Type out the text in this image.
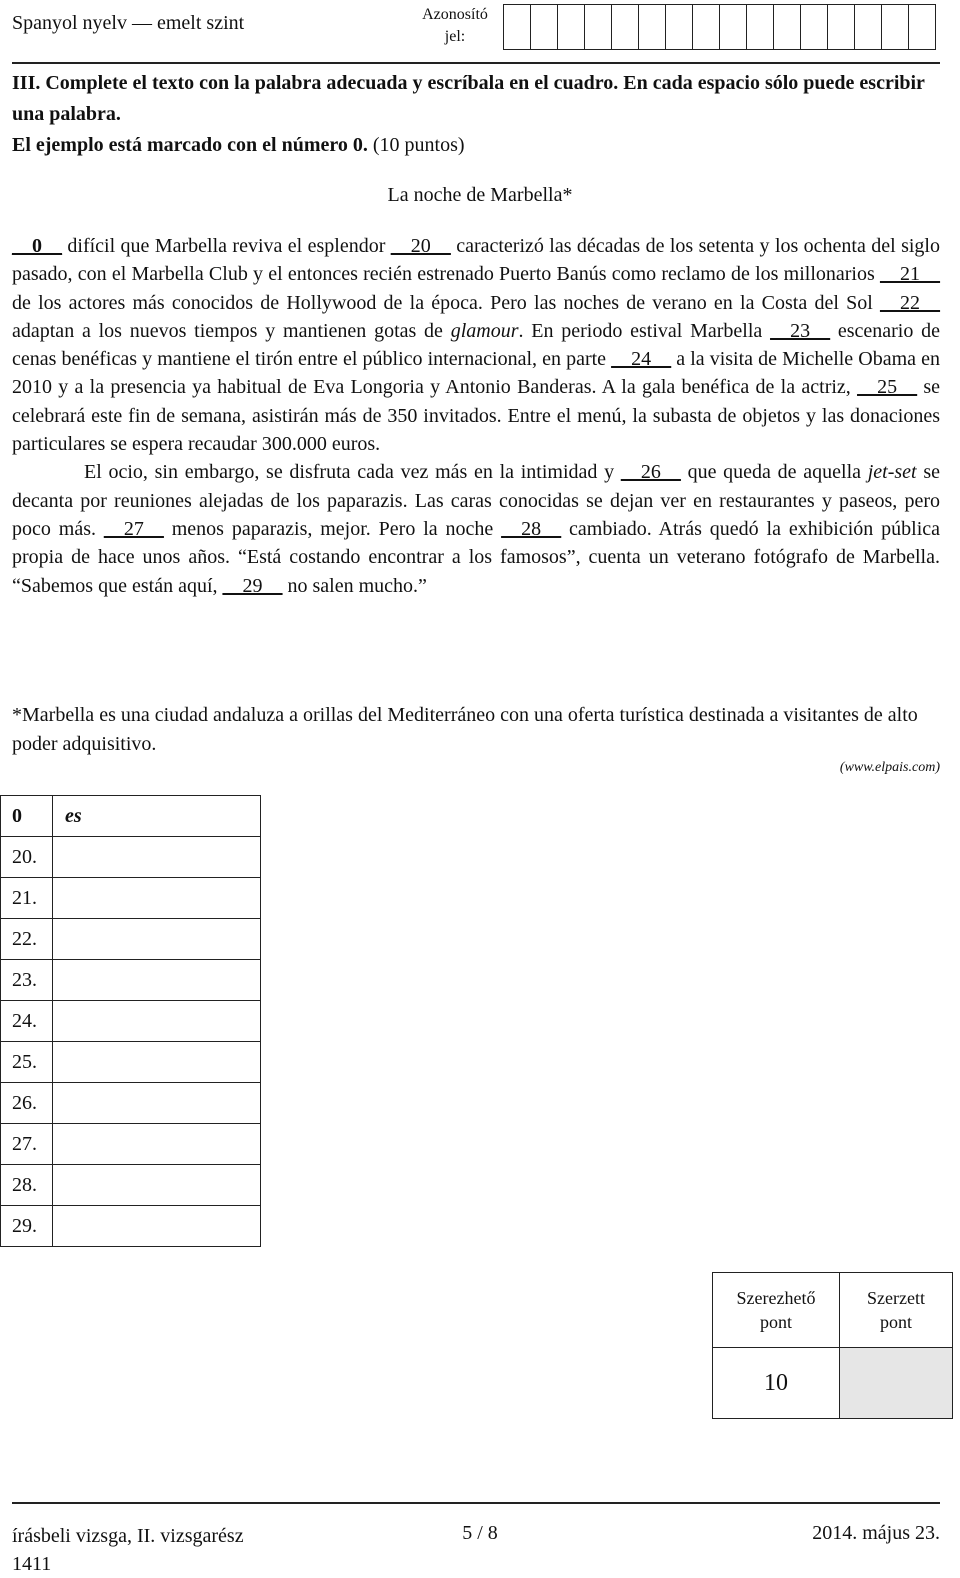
Spanyol nyelv — emelt szint	Azonosító
jel:
III. Complete el texto con la palabra adecuada y escríbala en el cuadro. En cada espacio sólo puede escribir una palabra.
El ejemplo está marcado con el número 0. (10 puntos)
La noche de Marbella*

__0__ difícil que Marbella reviva el esplendor __20__ caracterizó las décadas de los setenta y los ochenta del siglo pasado, con el Marbella Club y el entonces recién estrenado Puerto Banús como reclamo de los millonarios __21__ de los actores más conocidos de Hollywood de la época. Pero las noches de verano en la Costa del Sol __22__ adaptan a los nuevos tiempos y mantienen gotas de glamour. En periodo estival Marbella __23__ escenario de cenas benéficas y mantiene el tirón entre el público internacional, en parte __24__ a la visita de Michelle Obama en 2010 y a la presencia ya habitual de Eva Longoria y Antonio Banderas. A la gala benéfica de la actriz, __25__ se celebrará este fin de semana, asistirán más de 350 invitados. Entre el menú, la subasta de objetos y las donaciones particulares se espera recaudar 300.000 euros.

El ocio, sin embargo, se disfruta cada vez más en la intimidad y __26__ que queda de aquella jet-set se decanta por reuniones alejadas de los paparazis. Las caras conocidas se dejan ver en restaurantes y paseos, pero poco más. __27__ menos paparazis, mejor. Pero la noche __28__ cambiado. Atrás quedó la exhibición pública propia de hace unos años. “Está costando encontrar a los famosos”, cuenta un veterano fotógrafo de Marbella. “Sabemos que están aquí, __29__ no salen mucho.”

*Marbella es una ciudad andaluza a orillas del Mediterráneo con una oferta turística destinada a visitantes de alto poder adquisitivo.
(www.elpais.com)
0	es
20.	
21.	
22.	
23.	
24.	
25.	
26.	
27.	
28.	
29.	
Szerezhető
pont	Szerzett
pont
10	
írásbeli vizsga, II. vizsgarész
1411
5 / 8	2014. május 23.
